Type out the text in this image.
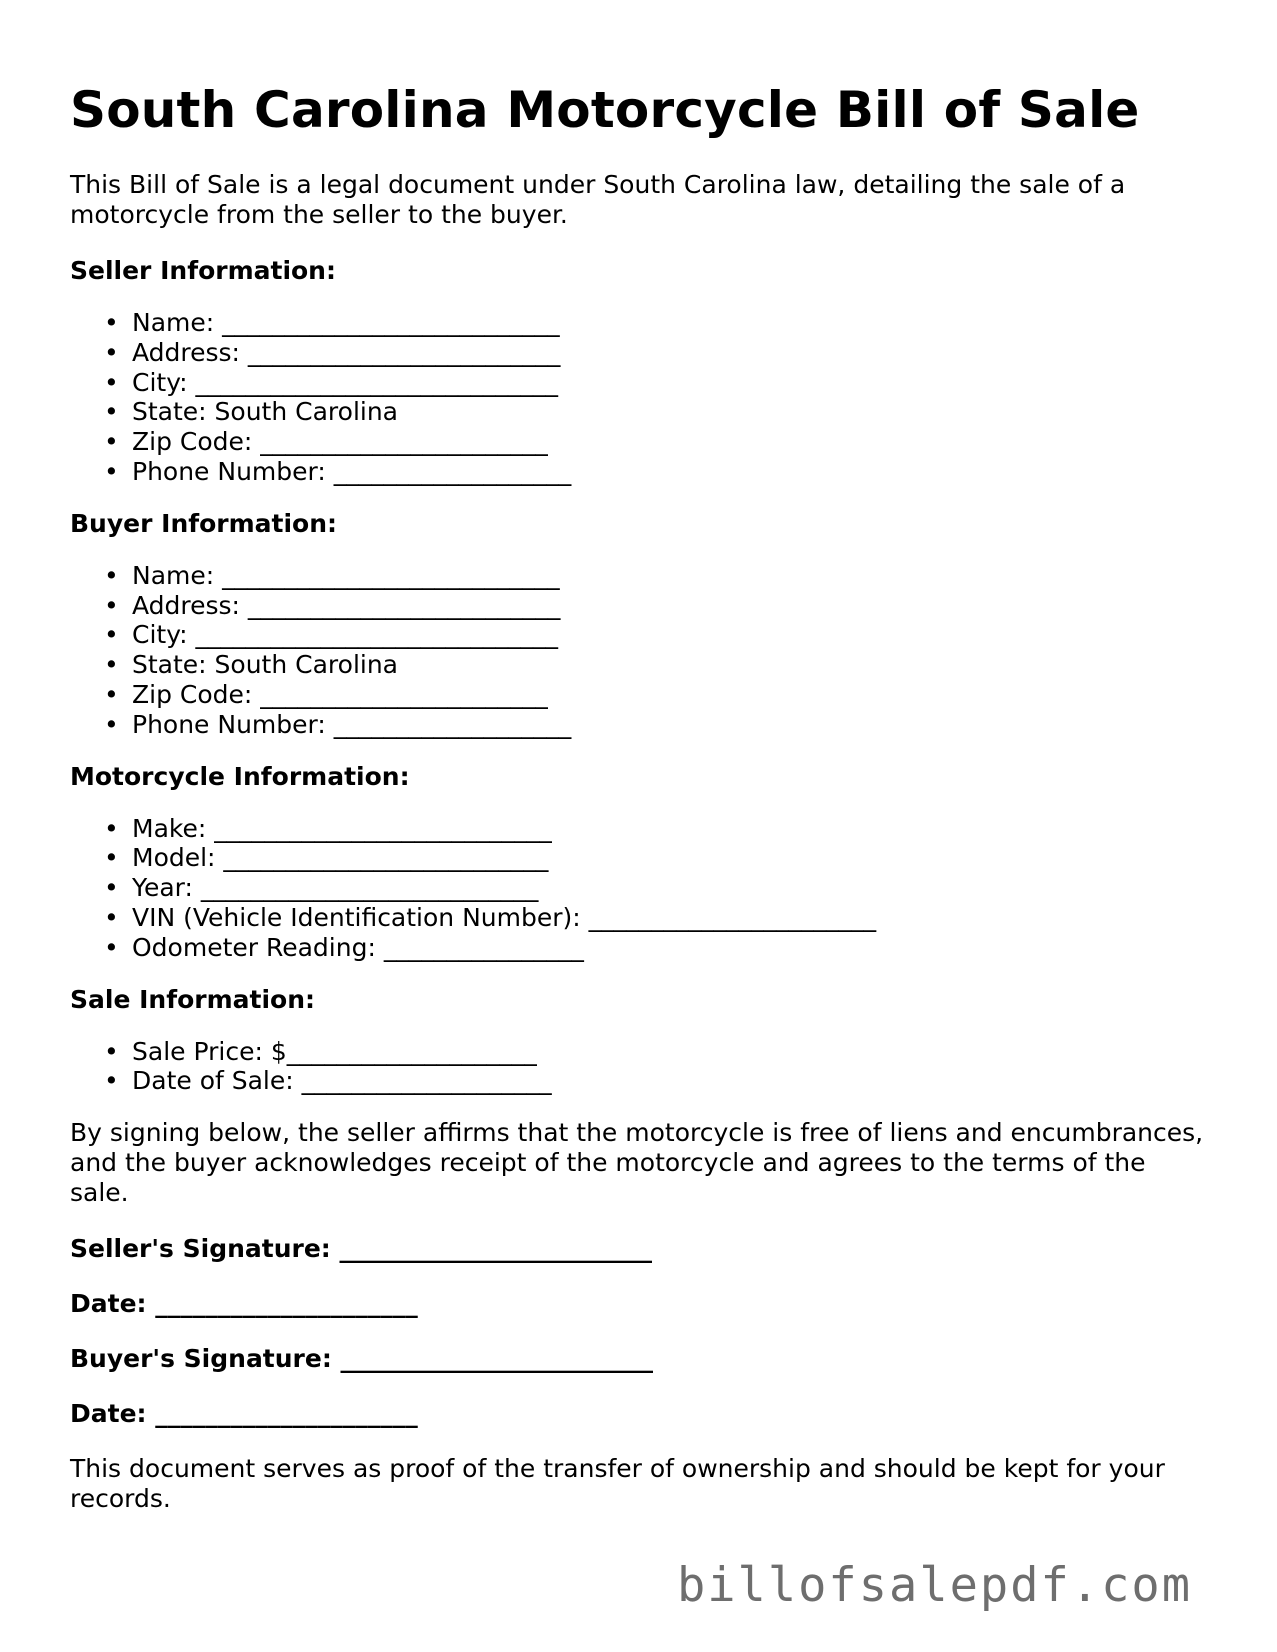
South Carolina Motorcycle Bill of Sale

This Bill of Sale is a legal document under South Carolina law, detailing the sale of a motorcycle from the seller to the buyer.

Seller Information:
• Name: ___________________________
• Address: _________________________
• City: _____________________________
• State: South Carolina
• Zip Code: _______________________
• Phone Number: ___________________
Buyer Information:
• Name: ___________________________
• Address: _________________________
• City: _____________________________
• State: South Carolina
• Zip Code: _______________________
• Phone Number: ___________________
Motorcycle Information:
• Make: ___________________________
• Model: __________________________
• Year: ___________________________
• VIN (Vehicle Identification Number): _______________________
• Odometer Reading: ________________
Sale Information:
• Sale Price: $____________________
• Date of Sale: ____________________

By signing below, the seller affirms that the motorcycle is free of liens and encumbrances, and the buyer acknowledges receipt of the motorcycle and agrees to the terms of the sale.

Seller's Signature: _________________________
Date: _____________________
Buyer's Signature: _________________________
Date: _____________________

This document serves as proof of the transfer of ownership and should be kept for your records.

billofsalepdf.com
